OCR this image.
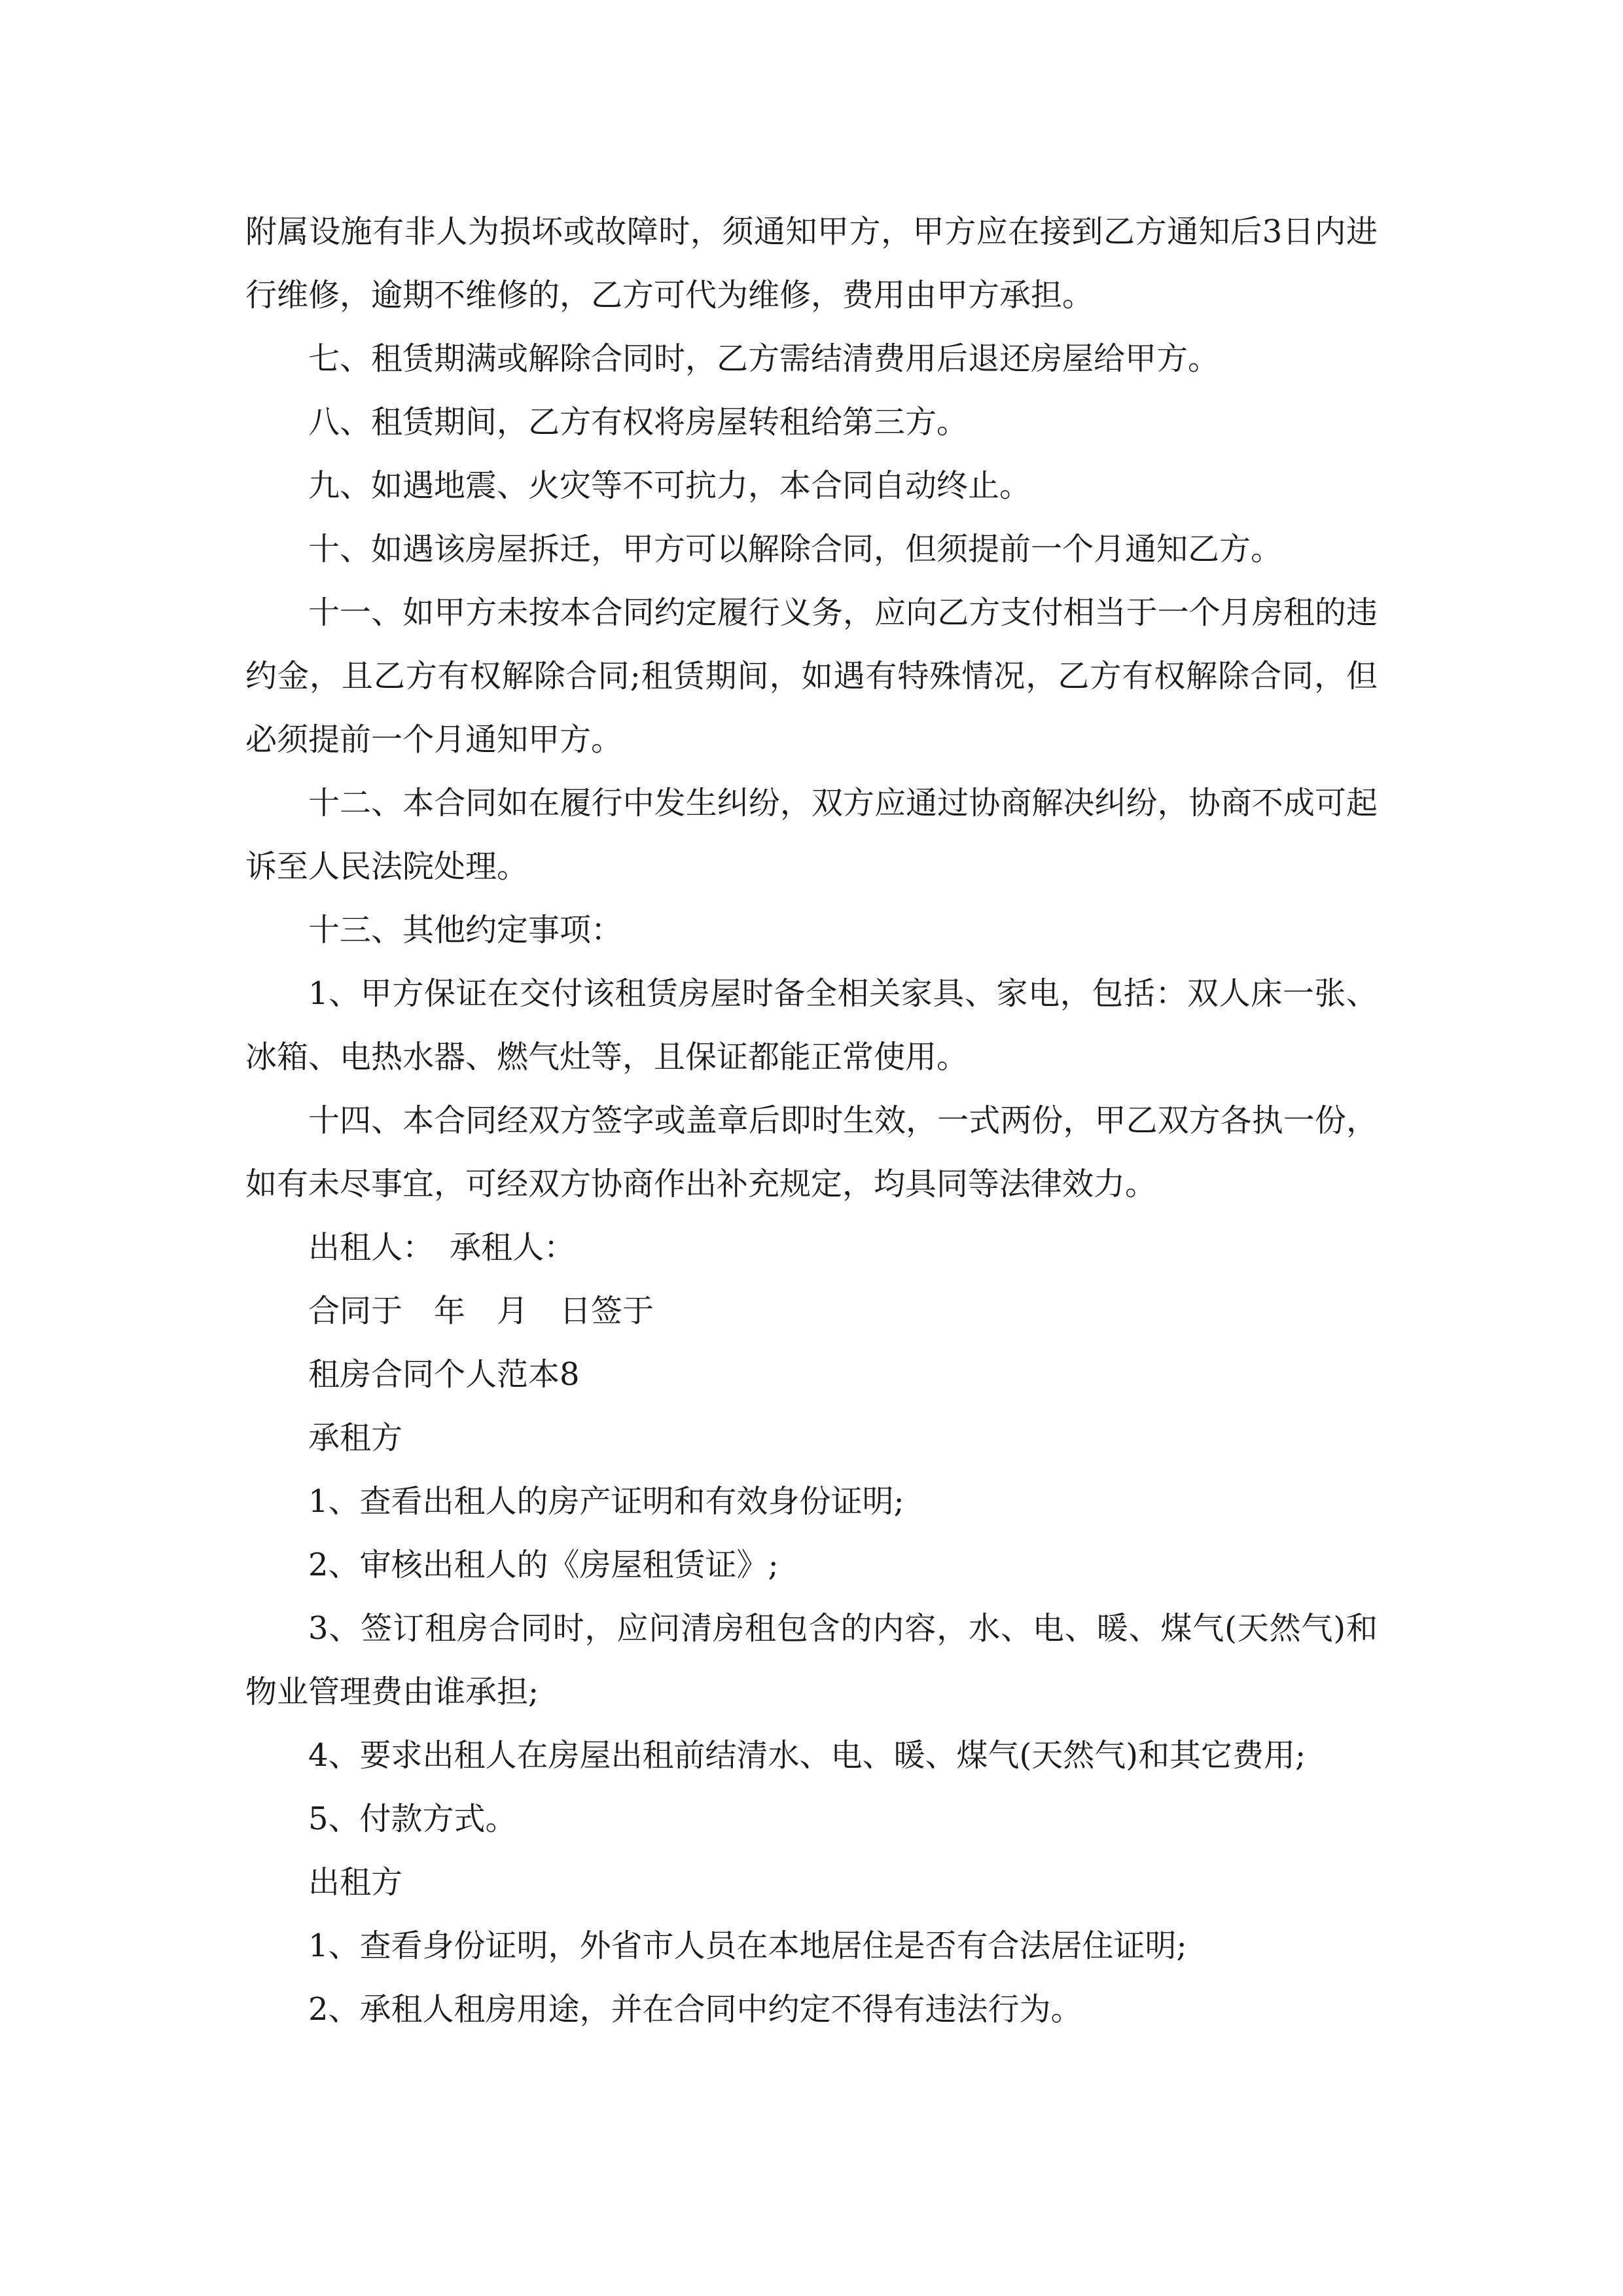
附属设施有非人为损坏或故障时，须通知甲方，甲方应在接到乙方通知后3日内进行维修，逾期不维修的，乙方可代为维修，费用由甲方承担。

七、租赁期满或解除合同时，乙方需结清费用后退还房屋给甲方。

八、租赁期间，乙方有权将房屋转租给第三方。

九、如遇地震、火灾等不可抗力，本合同自动终止。

十、如遇该房屋拆迁，甲方可以解除合同，但须提前一个月通知乙方。

十一、如甲方未按本合同约定履行义务，应向乙方支付相当于一个月房租的违约金，且乙方有权解除合同;租赁期间，如遇有特殊情况，乙方有权解除合同，但必须提前一个月通知甲方。

十二、本合同如在履行中发生纠纷，双方应通过协商解决纠纷，协商不成可起诉至人民法院处理。

十三、其他约定事项：

1、甲方保证在交付该租赁房屋时备全相关家具、家电，包括：双人床一张、冰箱、电热水器、燃气灶等，且保证都能正常使用。

十四、本合同经双方签字或盖章后即时生效，一式两份，甲乙双方各执一份，如有未尽事宜，可经双方协商作出补充规定，均具同等法律效力。

出租人：　承租人：

合同于　年　月　日签于

租房合同个人范本8

承租方

1、查看出租人的房产证明和有效身份证明;

2、审核出租人的《房屋租赁证》;

3、签订租房合同时，应问清房租包含的内容，水、电、暖、煤气(天然气)和物业管理费由谁承担;

4、要求出租人在房屋出租前结清水、电、暖、煤气(天然气)和其它费用;

5、付款方式。

出租方

1、查看身份证明，外省市人员在本地居住是否有合法居住证明;

2、承租人租房用途，并在合同中约定不得有违法行为。
